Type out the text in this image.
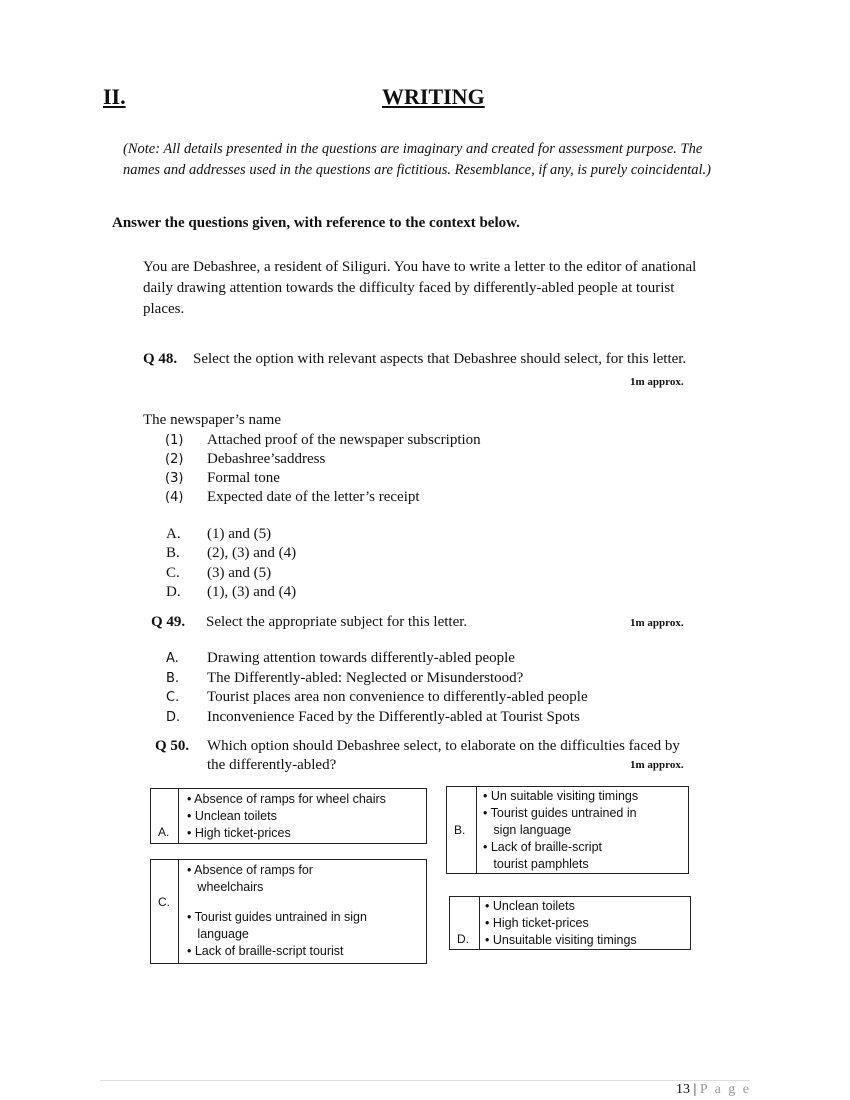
II.	WRITING
(Note: All details presented in the questions are imaginary and created for assessment purpose. The names and addresses used in the questions are fictitious. Resemblance, if any, is purely coincidental.)
Answer the questions given, with reference to the context below.
You are Debashree, a resident of Siliguri. You have to write a letter to the editor of anational daily drawing attention towards the difficulty faced by differently-abled people at tourist places.
Q 48. Select the option with relevant aspects that Debashree should select, for this letter.
1m approx.
The newspaper’s name
(1) Attached proof of the newspaper subscription
(2) Debashree’saddress
(3) Formal tone
(4) Expected date of the letter’s receipt
A. (1) and (5)
B. (2), (3) and (4)
C. (3) and (5)
D. (1), (3) and (4)
Q 49. Select the appropriate subject for this letter.	1m approx.
A. Drawing attention towards differently-abled people
B. The Differently-abled: Neglected or Misunderstood?
C. Tourist places area non convenience to differently-abled people
D. Inconvenience Faced by the Differently-abled at Tourist Spots
Q 50. Which option should Debashree select, to elaborate on the difficulties faced by
the differently-abled?	1m approx.
A.
• Absence of ramps for wheel chairs
• Unclean toilets
• High ticket-prices	B.
• Un suitable visiting timings
• Tourist guides untrained in
sign language
• Lack of braille-script
tourist pamphlets
C.
• Absence of ramps for
wheelchairs
• Tourist guides untrained in sign
language
• Lack of braille-script tourist
D.
• Unclean toilets
• High ticket-prices
• Unsuitable visiting timings
13 | P a g e
